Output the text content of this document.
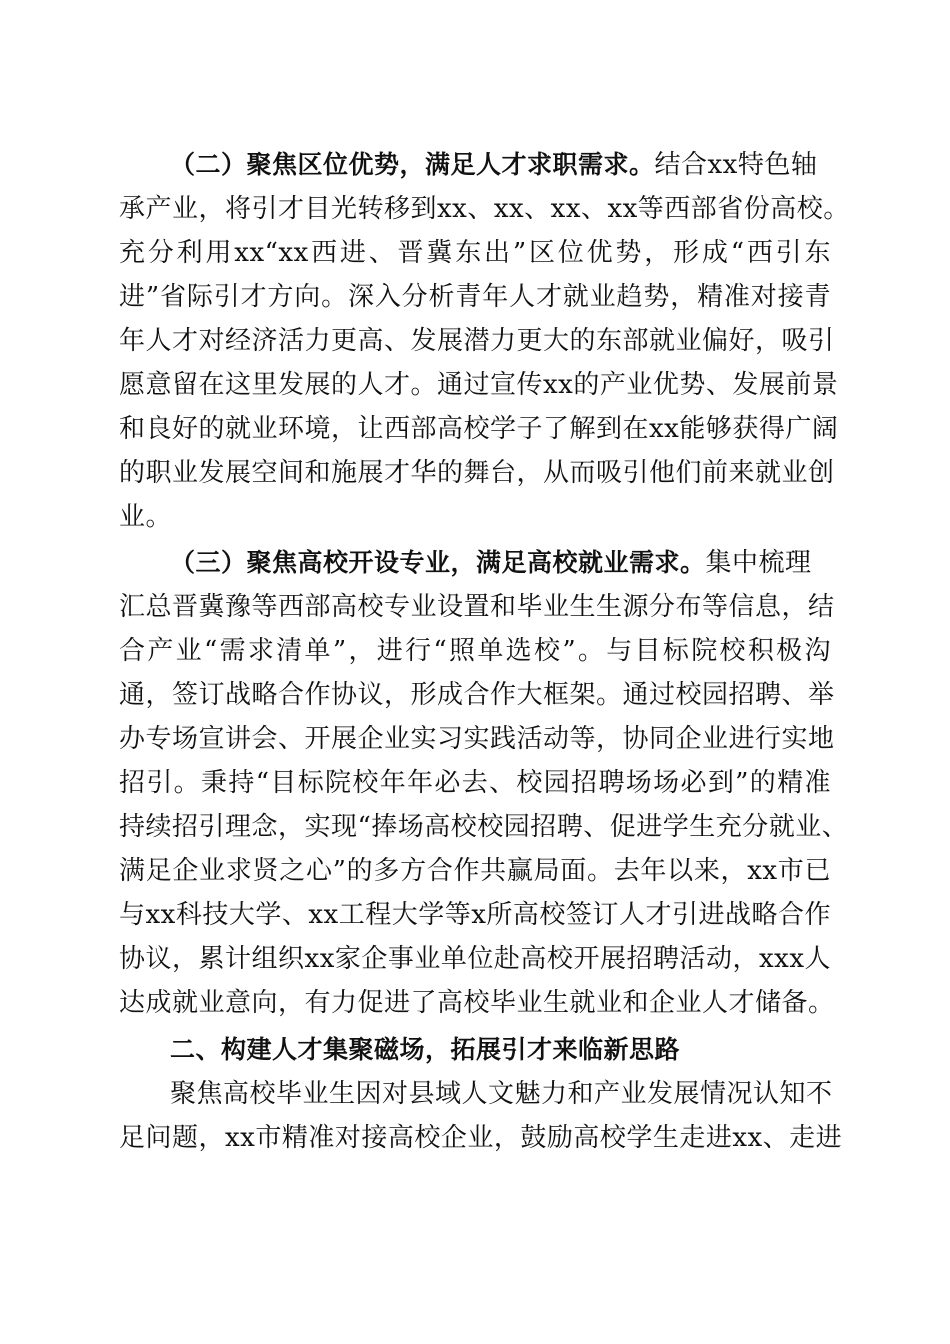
（二）聚焦区位优势，满足人才求职需求。结合xx特色轴
承产业，将引才目光转移到xx、xx、xx、xx等西部省份高校。
充分利用xx“xx西进、晋冀东出”区位优势，形成“西引东
进”省际引才方向。深入分析青年人才就业趋势，精准对接青
年人才对经济活力更高、发展潜力更大的东部就业偏好，吸引
愿意留在这里发展的人才。通过宣传xx的产业优势、发展前景
和良好的就业环境，让西部高校学子了解到在xx能够获得广阔
的职业发展空间和施展才华的舞台，从而吸引他们前来就业创
业。
（三）聚焦高校开设专业，满足高校就业需求。集中梳理
汇总晋冀豫等西部高校专业设置和毕业生生源分布等信息，结
合产业“需求清单”，进行“照单选校”。与目标院校积极沟
通，签订战略合作协议，形成合作大框架。通过校园招聘、举
办专场宣讲会、开展企业实习实践活动等，协同企业进行实地
招引。秉持“目标院校年年必去、校园招聘场场必到”的精准
持续招引理念，实现“捧场高校校园招聘、促进学生充分就业、
满足企业求贤之心”的多方合作共赢局面。去年以来，xx市已
与xx科技大学、xx工程大学等x所高校签订人才引进战略合作
协议，累计组织xx家企事业单位赴高校开展招聘活动，xxx人
达成就业意向，有力促进了高校毕业生就业和企业人才储备。
二、构建人才集聚磁场，拓展引才来临新思路
聚焦高校毕业生因对县域人文魅力和产业发展情况认知不
足问题，xx市精准对接高校企业，鼓励高校学生走进xx、走进
